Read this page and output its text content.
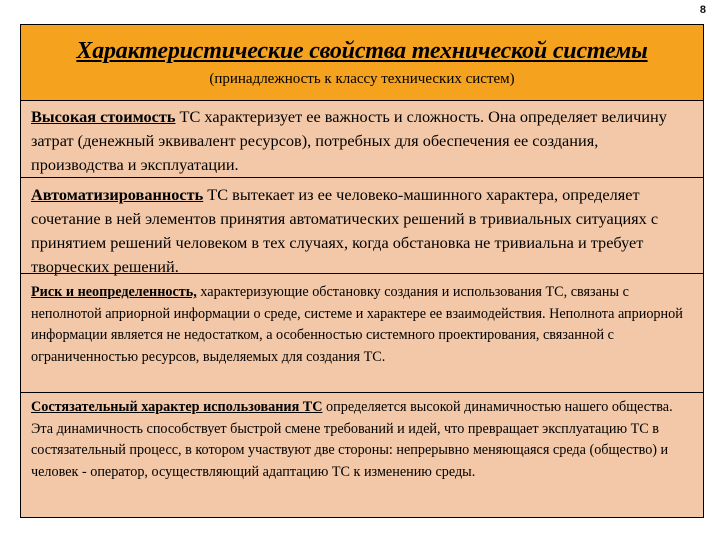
8
Характеристические свойства технической системы
(принадлежность к классу технических систем)
Высокая стоимость ТС характеризует ее важность и сложность. Она определяет величину затрат (денежный эквивалент ресурсов), потребных для обеспечения ее создания, производства и эксплуатации.
Автоматизированность ТС вытекает из ее человеко-машинного характера, определяет сочетание в ней элементов принятия автоматических решений в тривиальных ситуациях с принятием решений человеком в тех случаях, когда обстановка не тривиальна и требует творческих решений.
Риск и неопределенность, характеризующие обстановку создания и использования ТС, связаны с неполнотой априорной информации о среде, системе и характере ее взаимодействия. Неполнота априорной информации является не недостатком, а особенностью системного проектирования, связанной с ограниченностью ресурсов, выделяемых для создания ТС.
Состязательный характер использования ТС определяется высокой динамичностью нашего общества. Эта динамичность способствует быстрой смене требований и идей, что превращает эксплуатацию ТС в состязательный процесс, в котором участвуют две стороны: непрерывно меняющаяся среда (общество) и человек - оператор, осуществляющий адаптацию ТС к изменению среды.
